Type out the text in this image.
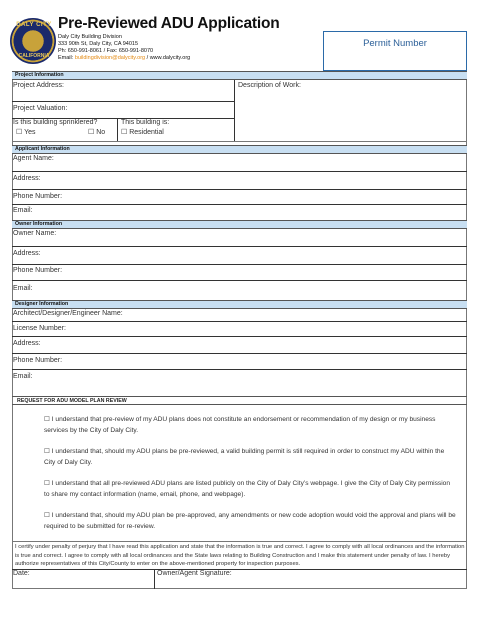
DALY CITY
CALIFORNIA
Pre-Reviewed ADU Application
Daly City Building Division
333 90th St, Daly City, CA 94015
Ph: 650-991-8061 / Fax: 650-991-8070
Email: buildingdivision@dalycity.org / www.dalycity.org
Permit Number
Project Information
Project Address:	Description of Work:
Project Valuation:
Is this building sprinklered?
☐ Yes	☐ No
This building is:
☐ Residential
Applicant Information
Agent Name:
Address:
Phone Number:
Email:
Owner Information
Owner Name:
Address:
Phone Number:
Email:
Designer Information
Architect/Designer/Engineer Name:
License Number:
Address:
Phone Number:
Email:
REQUEST FOR ADU MODEL PLAN REVIEW
☐ I understand that pre-review of my ADU plans does not constitute an endorsement or recommendation of my design or my business services by the City of Daly City.
☐ I understand that, should my ADU plans be pre-reviewed, a valid building permit is still required in order to construct my ADU within the City of Daly City.
☐ I understand that all pre-reviewed ADU plans are listed publicly on the City of Daly City’s webpage. I give the City of Daly City permission to share my contact information (name, email, phone, and webpage).
☐ I understand that, should my ADU plan be pre-approved, any amendments or new code adoption would void the approval and plans will be required to be submitted for re-review.
I certify under penalty of perjury that I have read this application and state that the information is true and correct. I agree to comply with all local ordinances and the information is true and correct. I agree to comply with all local ordinances and the State laws relating to Building Construction and I make this statement under penalty of law. I hereby authorize representatives of this City/County to enter on the above-mentioned property for inspection purposes.
Date:	Owner/Agent Signature:
